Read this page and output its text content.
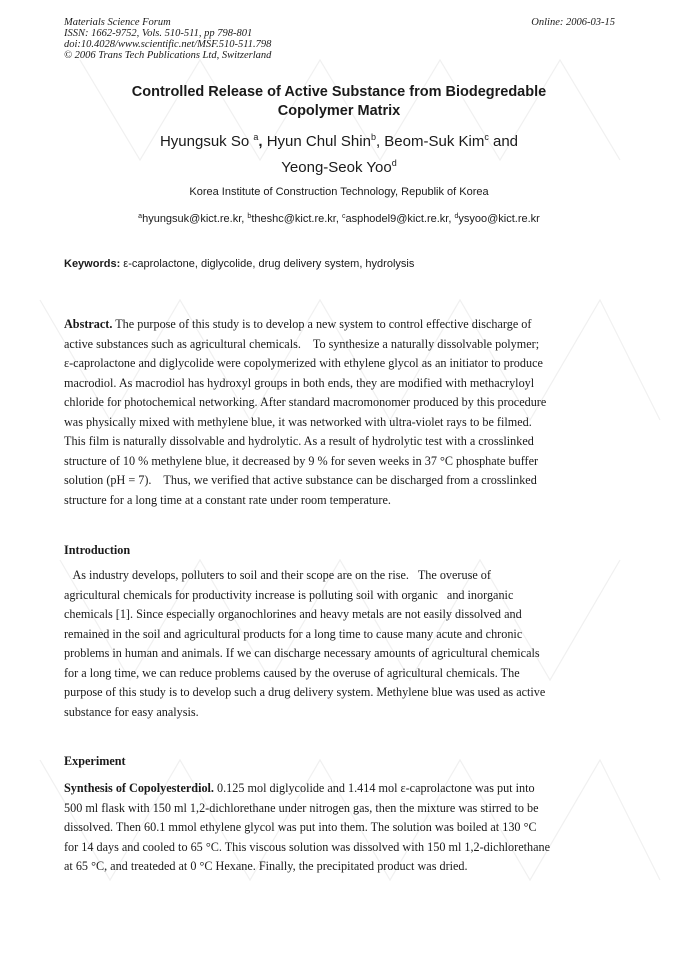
Materials Science Forum
ISSN: 1662-9752, Vols. 510-511, pp 798-801
doi:10.4028/www.scientific.net/MSF.510-511.798
© 2006 Trans Tech Publications Ltd, Switzerland
Online: 2006-03-15
Controlled Release of Active Substance from Biodegredable
Copolymer Matrix
Hyungsuk So $^a$, Hyun Chul Shin$^b$, Beom-Suk Kim$^c$ and
Yeong-Seok Yoo$^d$
Korea Institute of Construction Technology, Republik of Korea
$^a$hyungsuk@kict.re.kr, $^b$theshc@kict.re.kr, $^c$asphodel9@kict.re.kr, $^d$ysyoo@kict.re.kr
Keywords: ε-caprolactone, diglycolide, drug delivery system, hydrolysis
Abstract. The purpose of this study is to develop a new system to control effective discharge of
active substances such as agricultural chemicals.    To synthesize a naturally dissolvable polymer;
ε-caprolactone and diglycolide were copolymerized with ethylene glycol as an initiator to produce
macrodiol. As macrodiol has hydroxyl groups in both ends, they are modified with methacryloyl
chloride for photochemical networking. After standard macromonomer produced by this procedure
was physically mixed with methylene blue, it was networked with ultra-violet rays to be filmed.
This film is naturally dissolvable and hydrolytic. As a result of hydrolytic test with a crosslinked
structure of 10 % methylene blue, it decreased by 9 % for seven weeks in 37 °C phosphate buffer
solution (pH = 7).    Thus, we verified that active substance can be discharged from a crosslinked
structure for a long time at a constant rate under room temperature.
Introduction
As industry develops, polluters to soil and their scope are on the rise.   The overuse of
agricultural chemicals for productivity increase is polluting soil with organic   and inorganic
chemicals [1]. Since especially organochlorines and heavy metals are not easily dissolved and
remained in the soil and agricultural products for a long time to cause many acute and chronic
problems in human and animals. If we can discharge necessary amounts of agricultural chemicals
for a long time, we can reduce problems caused by the overuse of agricultural chemicals. The
purpose of this study is to develop such a drug delivery system. Methylene blue was used as active
substance for easy analysis.
Experiment
Synthesis of Copolyesterdiol. 0.125 mol diglycolide and 1.414 mol ε-caprolactone was put into
500 ml flask with 150 ml 1,2-dichlorethane under nitrogen gas, then the mixture was stirred to be
dissolved. Then 60.1 mmol ethylene glycol was put into them. The solution was boiled at 130 °C
for 14 days and cooled to 65 °C. This viscous solution was dissolved with 150 ml 1,2-dichlorethane
at 65 °C, and treateded at 0 °C Hexane. Finally, the precipitated product was dried.
